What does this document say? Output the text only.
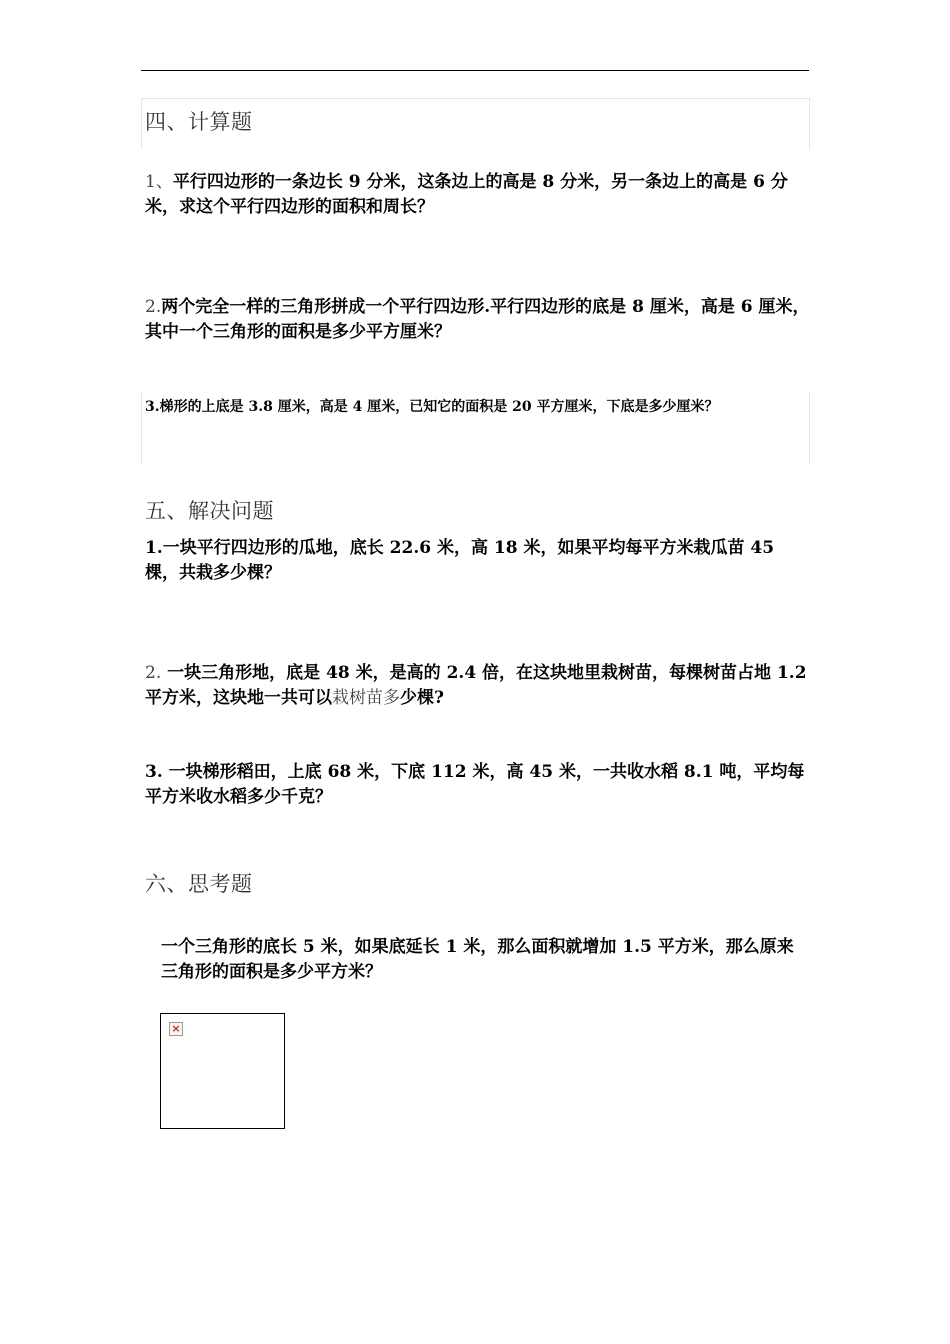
四、计算题
1、平行四边形的一条边长 9 分米，这条边上的高是 8 分米，另一条边上的高是 6 分米，求这个平行四边形的面积和周长？
2.两个完全一样的三角形拼成一个平行四边形.平行四边形的底是 8 厘米，高是 6 厘米，其中一个三角形的面积是多少平方厘米？
3.梯形的上底是 3.8 厘米，高是 4 厘米，已知它的面积是 20 平方厘米，下底是多少厘米？
五、解决问题
1.一块平行四边形的瓜地，底长 22.6 米，高 18 米，如果平均每平方米栽瓜苗 45 棵，共栽多少棵？
2. 一块三角形地，底是 48 米，是高的 2.4 倍，在这块地里栽树苗，每棵树苗占地 1.2 平方米，这块地一共可以栽树苗多少棵?
3. 一块梯形稻田，上底 68 米，下底 112 米，高 45 米，一共收水稻 8.1 吨，平均每平方米收水稻多少千克？
六、思考题
一个三角形的底长 5 米，如果底延长 1 米，那么面积就增加 1.5 平方米，那么原来三角形的面积是多少平方米？
×
